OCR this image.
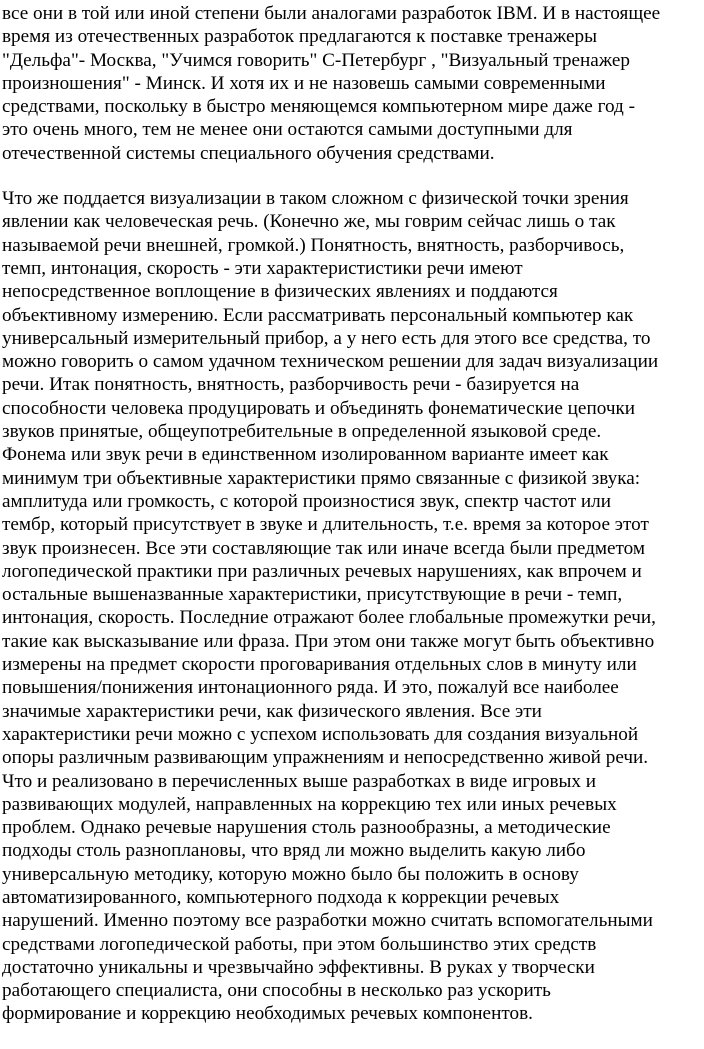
все они в той или иной степени были аналогами разработок IBM. И в настоящее
время из отечественных разработок предлагаются к поставке тренажеры
"Дельфа"- Москва, "Учимся говорить" С-Петербург , "Визуальный тренажер
произношения" - Минск. И хотя их и не назовешь самыми современными
средствами, поскольку в быстро меняющемся компьютерном мире даже год -
это очень много, тем не менее они остаются самыми доступными для
отечественной системы специального обучения средствами.

Что же поддается визуализации в таком сложном с физической точки зрения
явлении как человеческая речь. (Конечно же, мы говрим сейчас лишь о так
называемой речи внешней, громкой.) Понятность, внятность, разборчивось,
темп, интонация, скорость - эти характеристистики речи имеют
непосредственное воплощение в физических явлениях и поддаются
объективному измерению. Если рассматривать персональный компьютер как
универсальный измерительный прибор, а у него есть для этого все средства, то
можно говорить о самом удачном техническом решении для задач визуализации
речи. Итак понятность, внятность, разборчивость речи - базируется на
способности человека продуцировать и объединять фонематические цепочки
звуков принятые, общеупотребительные в определенной языковой среде.
Фонема или звук речи в единственном изолированном варианте имеет как
минимум три объективные характеристики прямо связанные с физикой звука:
амплитуда или громкость, с которой произностися звук, спектр частот или
тембр, который присутствует в звуке и длительность, т.е. время за которое этот
звук произнесен. Все эти составляющие так или иначе всегда были предметом
логопедической практики при различных речевых нарушениях, как впрочем и
остальные вышеназванные характеристики, присутствующие в речи - темп,
интонация, скорость. Последние отражают более глобальные промежутки речи,
такие как высказывание или фраза. При этом они также могут быть объективно
измерены на предмет скорости проговаривания отдельных слов в минуту или
повышения/понижения интонационного ряда. И это, пожалуй все наиболее
значимые характеристики речи, как физического явления. Все эти
характеристики речи можно с успехом использовать для создания визуальной
опоры различным развивающим упражнениям и непосредственно живой речи.
Что и реализовано в перечисленных выше разработках в виде игровых и
развивающих модулей, направленных на коррекцию тех или иных речевых
проблем. Однако речевые нарушения столь разнообразны, а методические
подходы столь разноплановы, что вряд ли можно выделить какую либо
универсальную методику, которую можно было бы положить в основу
автоматизированного, компьютерного подхода к коррекции речевых
нарушений. Именно поэтому все разработки можно считать вспомогательными
средствами логопедической работы, при этом большинство этих средств
достаточно уникальны и чрезвычайно эффективны. В руках у творчески
работающего специалиста, они способны в несколько раз ускорить
формирование и коррекцию необходимых речевых компонентов.
